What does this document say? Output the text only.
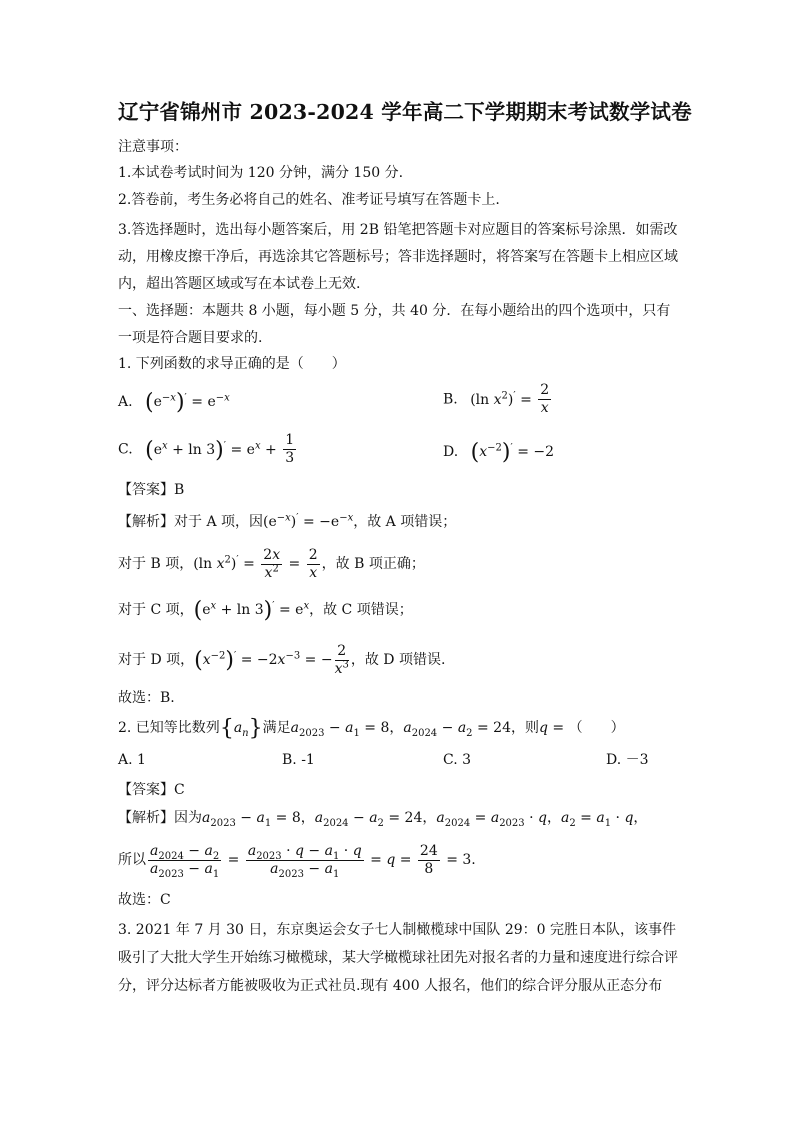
辽宁省锦州市 2023-2024 学年高二下学期期末考试数学试卷
注意事项：
1.本试卷考试时间为 120 分钟，满分 150 分.
2.答卷前，考生务必将自己的姓名、准考证号填写在答题卡上.
3.答选择题时，选出每小题答案后，用 2B 铅笔把答题卡对应题目的答案标号涂黑．如需改动，用橡皮擦干净后，再选涂其它答题标号；答非选择题时，将答案写在答题卡上相应区域内，超出答题区域或写在本试卷上无效.
一、选择题：本题共 8 小题，每小题 5 分，共 40 分．在每小题给出的四个选项中，只有一项是符合题目要求的.
1. 下列函数的求导正确的是（　　）
A. $(e^{-x})' = e^{-x}$	B. (ln $x^2)' = \frac{2}{x}$
C. $(e^x + \ln 3)' = e^x + \frac{1}{3}$	D. $(x^{-2})' = -2$
【答案】B
【解析】对于 A 项，因$(e^{-x})' = -e^{-x}$，故 A 项错误；
对于 B 项，(ln $x^2)' = \frac{2x}{x^2} = \frac{2}{x}$ ，故 B 项正确；
对于 C 项，$(e^x + \ln 3)' = e^x$，故 C 项错误；
对于 D 项，$(x^{-2})' = -2x^{-3}$ = − $\frac{2}{x^3}$ ，故 D 项错误.
故选：B.
2. 已知等比数列$\{a_n\}$满足$a_{2023} - a_1 = 8$，$a_{2024} - a_2 = 24$，则q = （　　）
A. 1	B. -1	C. 3	D. －3
【答案】C
【解析】因为$a_{2023} - a_1 = 8$，$a_{2024} - a_2 = 24$，$a_{2024} = a_{2023} \cdot q$，$a_2 = a_1 \cdot q$，
所以 $\frac{a_{2024} - a_2}{a_{2023} - a_1} = \frac{a_{2023} \cdot q - a_1 \cdot q}{a_{2023} - a_1} = q = \frac{24}{8} = 3$.
故选：C
3. 2021 年 7 月 30 日，东京奥运会女子七人制橄榄球中国队 29：0 完胜日本队，该事件吸引了大批大学生开始练习橄榄球，某大学橄榄球社团先对报名者的力量和速度进行综合评分，评分达标者方能被吸收为正式社员.现有 400 人报名，他们的综合评分服从正态分布
